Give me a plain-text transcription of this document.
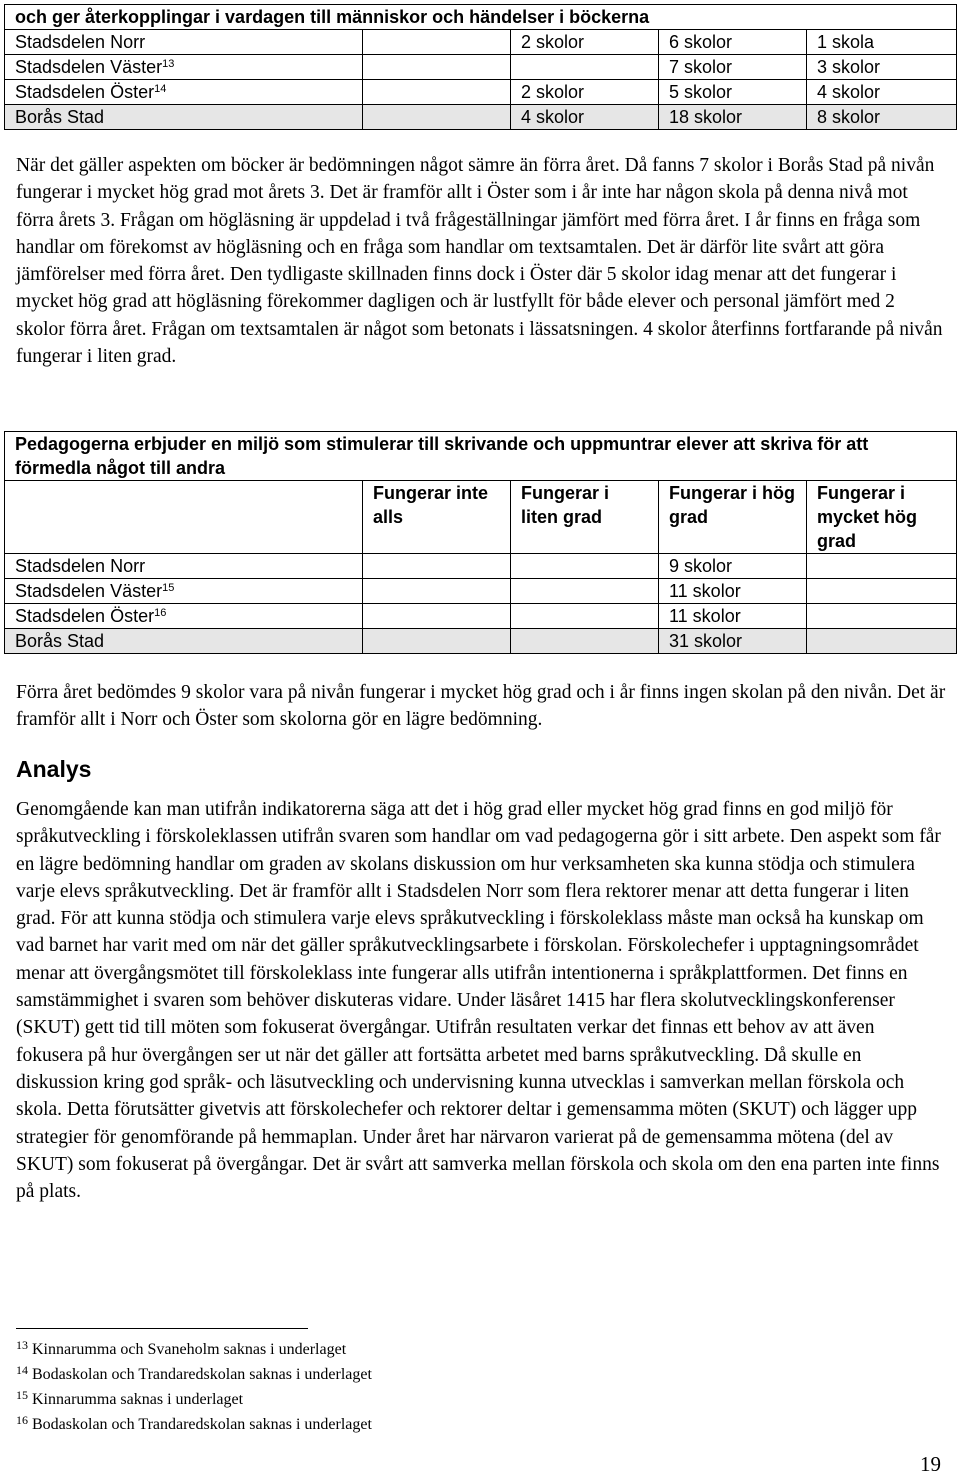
och ger återkopplingar i vardagen till människor och händelser i böckerna				
Stadsdelen Norr		2 skolor	6 skolor	1 skola
Stadsdelen Väster$^{13}$			7 skolor	3 skolor
Stadsdelen Öster$^{14}$		2 skolor	5 skolor	4 skolor
Borås Stad		4 skolor	18 skolor	8 skolor

När det gäller aspekten om böcker är bedömningen något sämre än förra året. Då fanns 7 skolor i Borås Stad på nivån fungerar i mycket hög grad mot årets 3. Det är framför allt i Öster som i år inte har någon skola på denna nivå mot förra årets 3. Frågan om högläsning är uppdelad i två frågeställningar jämfört med förra året. I år finns en fråga som handlar om förekomst av högläsning och en fråga som handlar om textsamtalen. Det är därför lite svårt att göra jämförelser med förra året. Den tydligaste skillnaden finns dock i Öster där 5 skolor idag menar att det fungerar i mycket hög grad att högläsning förekommer dagligen och är lustfyllt för både elever och personal jämfört med 2 skolor förra året. Frågan om textsamtalen är något som betonats i lässatsningen. 4 skolor återfinns fortfarande på nivån fungerar i liten grad.

Pedagogerna erbjuder en miljö som stimulerar till skrivande och uppmuntrar elever att skriva för att förmedla något till andra				
	Fungerar inte alls	Fungerar i liten grad	Fungerar i hög grad	Fungerar i mycket hög grad
Stadsdelen Norr			9 skolor	
Stadsdelen Väster$^{15}$			11 skolor	
Stadsdelen Öster$^{16}$			11 skolor	
Borås Stad			31 skolor	

Förra året bedömdes 9 skolor vara på nivån fungerar i mycket hög grad och i år finns ingen skolan på den nivån. Det är framför allt i Norr och Öster som skolorna gör en lägre bedömning.

Analys

Genomgående kan man utifrån indikatorerna säga att det i hög grad eller mycket hög grad finns en god miljö för språkutveckling i förskoleklassen utifrån svaren som handlar om vad pedagogerna gör i sitt arbete. Den aspekt som får en lägre bedömning handlar om graden av skolans diskussion om hur verksamheten ska kunna stödja och stimulera varje elevs språkutveckling. Det är framför allt i Stadsdelen Norr som flera rektorer menar att detta fungerar i liten grad. För att kunna stödja och stimulera varje elevs språkutveckling i förskoleklass måste man också ha kunskap om vad barnet har varit med om när det gäller språkutvecklingsarbete i förskolan. Förskolechefer i upptagningsområdet menar att övergångsmötet till förskoleklass inte fungerar alls utifrån intentionerna i språkplattformen. Det finns en samstämmighet i svaren som behöver diskuteras vidare. Under läsåret 1415 har flera skolutvecklingskonferenser (SKUT) gett tid till möten som fokuserat övergångar. Utifrån resultaten verkar det finnas ett behov av att även fokusera på hur övergången ser ut när det gäller att fortsätta arbetet med barns språkutveckling. Då skulle en diskussion kring god språk- och läsutveckling och undervisning kunna utvecklas i samverkan mellan förskola och skola. Detta förutsätter givetvis att förskolechefer och rektorer deltar i gemensamma möten (SKUT) och lägger upp strategier för genomförande på hemmaplan. Under året har närvaron varierat på de gemensamma mötena (del av SKUT) som fokuserat på övergångar. Det är svårt att samverka mellan förskola och skola om den ena parten inte finns på plats.

$^{13}$ Kinnarumma och Svaneholm saknas i underlaget
$^{14}$ Bodaskolan och Trandaredskolan saknas i underlaget
$^{15}$ Kinnarumma saknas i underlaget
$^{16}$ Bodaskolan och Trandaredskolan saknas i underlaget
19
